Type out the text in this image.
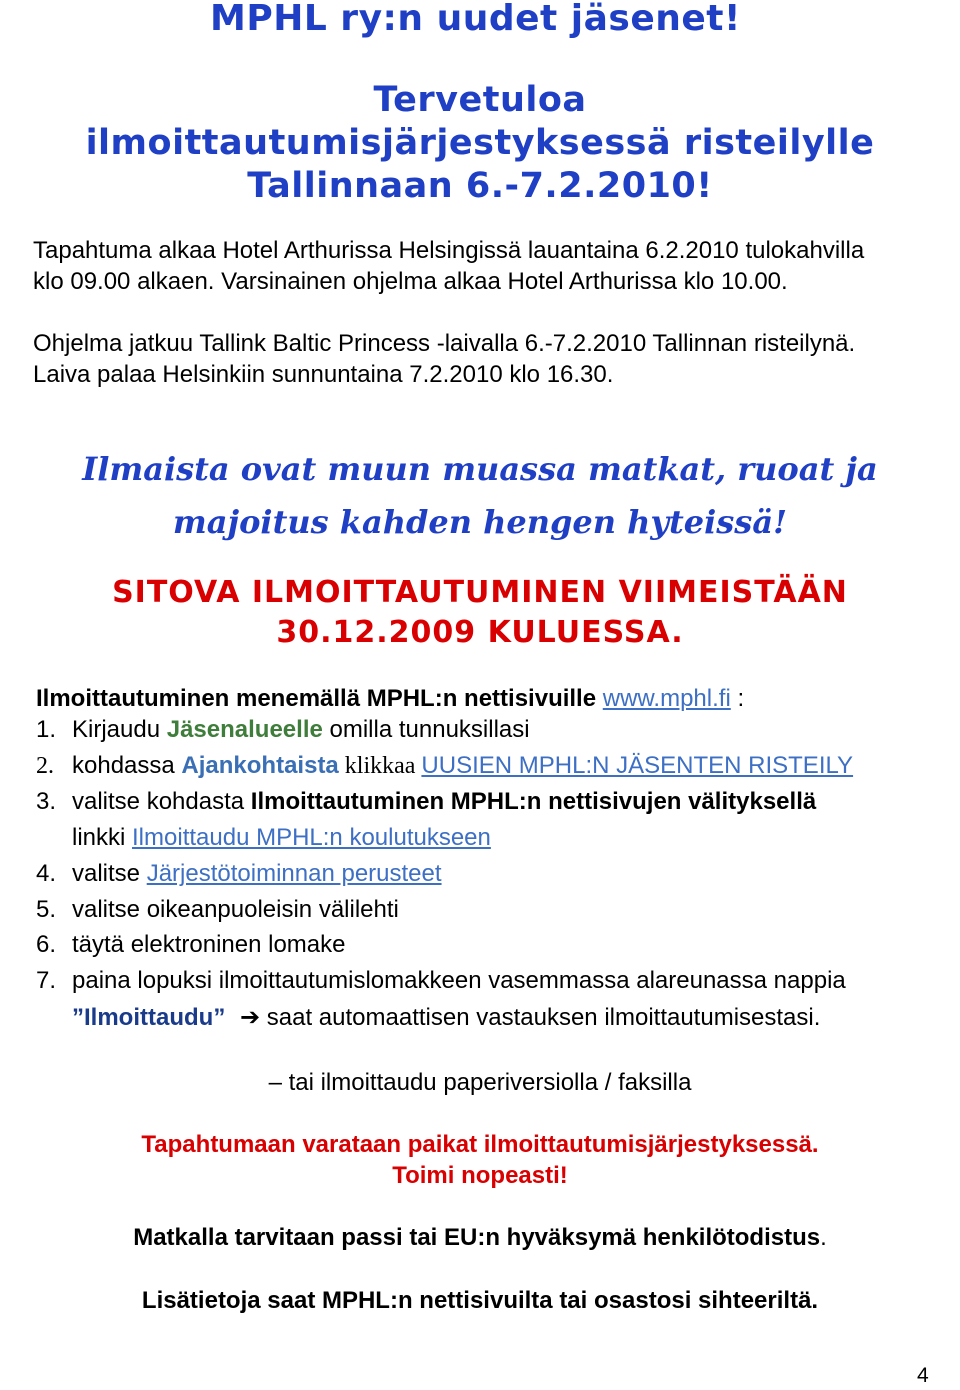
MPHL ry:n uudet jäsenet!
Tervetuloa
ilmoittautumisjärjestyksessä risteilylle
Tallinnaan 6.-7.2.2010!
Tapahtuma alkaa Hotel Arthurissa Helsingissä lauantaina 6.2.2010 tulokahvilla
klo 09.00 alkaen. Varsinainen ohjelma alkaa Hotel Arthurissa klo 10.00.
Ohjelma jatkuu Tallink Baltic Princess -laivalla 6.-7.2.2010 Tallinnan risteilynä.
Laiva palaa Helsinkiin sunnuntaina 7.2.2010 klo 16.30.
Ilmaista ovat muun muassa matkat, ruoat ja
majoitus kahden hengen hyteissä!
SITOVA ILMOITTAUTUMINEN VIIMEISTÄÄN
30.12.2009 KULUESSA.
Ilmoittautuminen menemällä MPHL:n nettisivuille www.mphl.fi :
1. Kirjaudu Jäsenalueelle omilla tunnuksillasi
2. kohdassa Ajankohtaista klikkaa UUSIEN MPHL:N JÄSENTEN RISTEILY
3. valitse kohdasta Ilmoittautuminen MPHL:n nettisivujen välityksellä
linkki Ilmoittaudu MPHL:n koulutukseen
4. valitse Järjestötoiminnan perusteet
5. valitse oikeanpuoleisin välilehti
6. täytä elektroninen lomake
7. paina lopuksi ilmoittautumislomakkeen vasemmassa alareunassa nappia
”Ilmoittaudu” ➔ saat automaattisen vastauksen ilmoittautumisestasi.
– tai ilmoittaudu paperiversiolla / faksilla
Tapahtumaan varataan paikat ilmoittautumisjärjestyksessä.
Toimi nopeasti!
Matkalla tarvitaan passi tai EU:n hyväksymä henkilötodistus.
Lisätietoja saat MPHL:n nettisivuilta tai osastosi sihteeriltä.
4
